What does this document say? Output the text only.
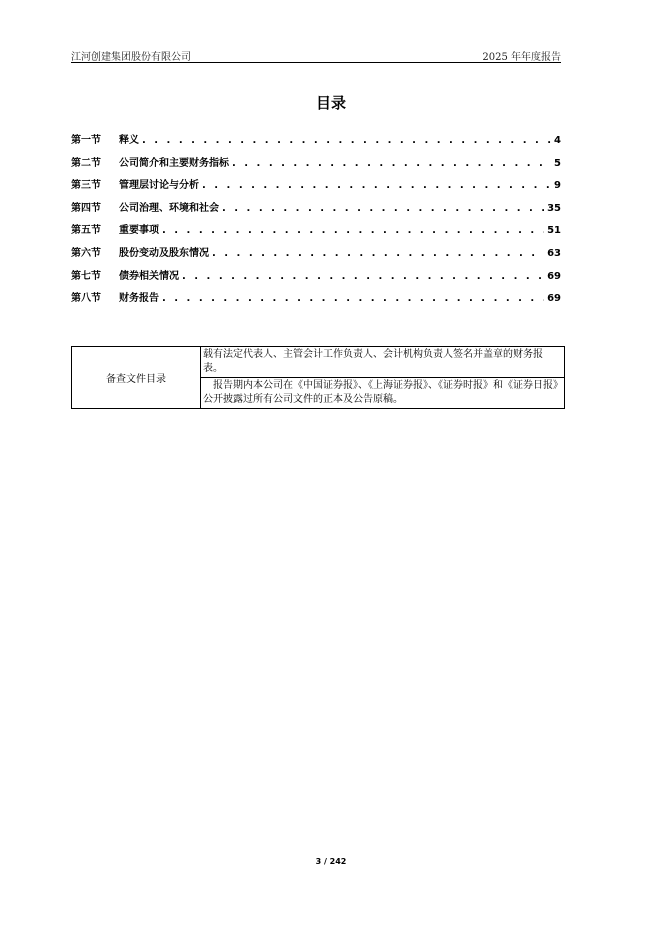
江河创建集团股份有限公司	2025 年年度报告
目录
第一节	释义 . . .	4
第二节	公司简介和主要财务指标 . . .	5
第三节	管理层讨论与分析 . . .	9
第四节	公司治理、环境和社会 . . .	35
第五节	重要事项 . . .	51
第六节	股份变动及股东情况 . . .	63
第七节	债券相关情况 . . .	69
第八节	财务报告 . . .	69
备查文件目录	载有法定代表人、主管会计工作负责人、会计机构负责人签名并盖章的财务报表。
报告期内本公司在《中国证券报》、《上海证券报》、《证券时报》和《证券日报》公开披露过所有公司文件的正本及公告原稿。
3 / 242
